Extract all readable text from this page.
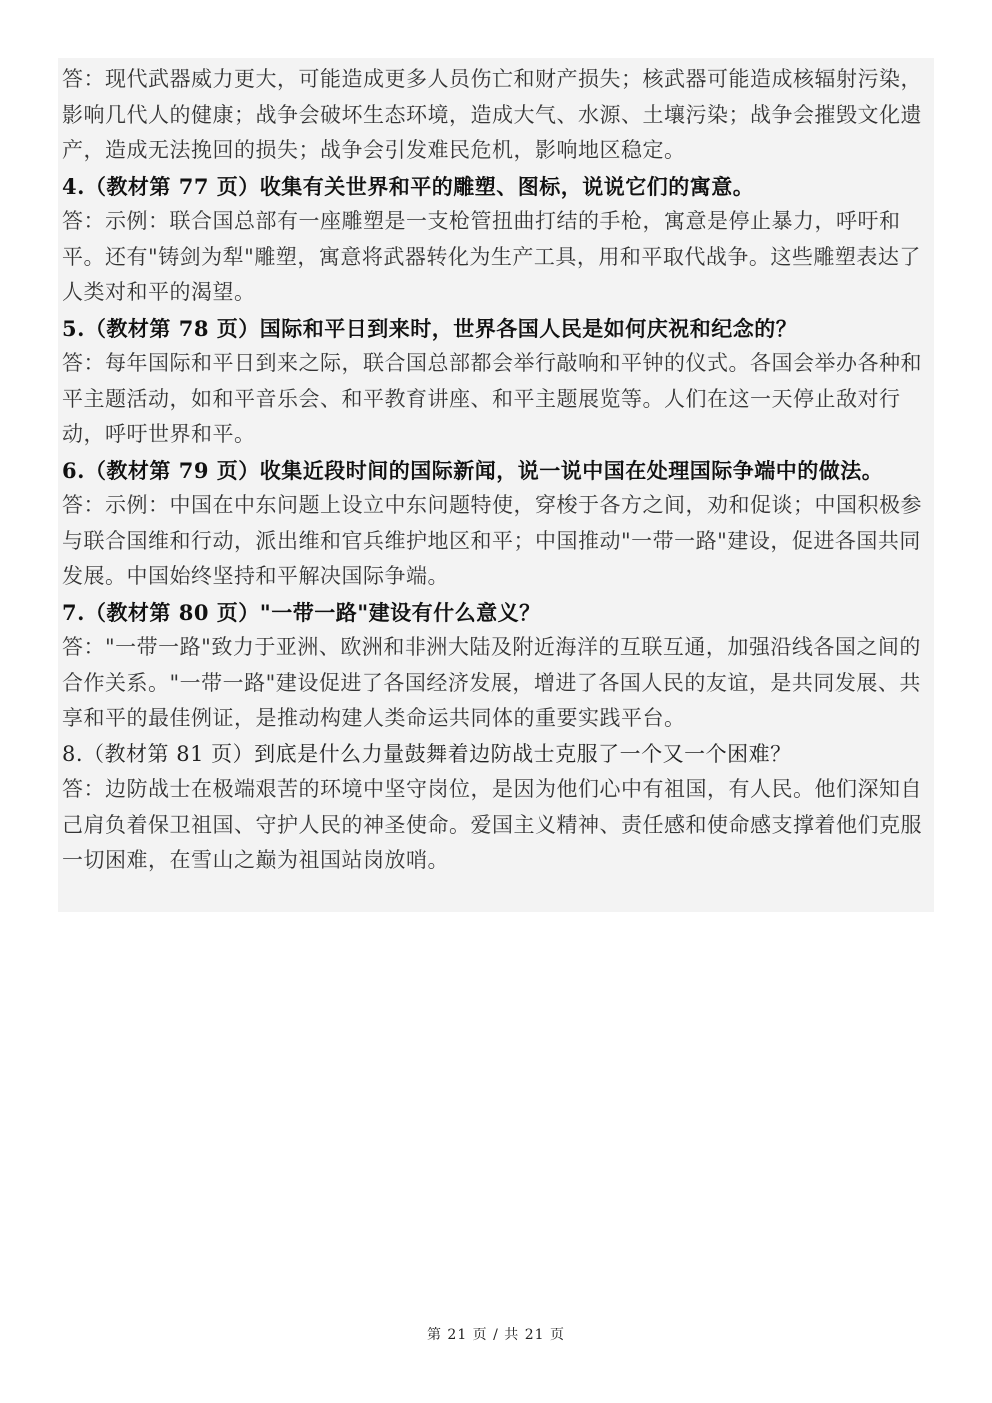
答：现代武器威力更大，可能造成更多人员伤亡和财产损失；核武器可能造成核辐射污染，影响几代人的健康；战争会破坏生态环境，造成大气、水源、土壤污染；战争会摧毁文化遗产，造成无法挽回的损失；战争会引发难民危机，影响地区稳定。

4.（教材第 77 页）收集有关世界和平的雕塑、图标，说说它们的寓意。

答：示例：联合国总部有一座雕塑是一支枪管扭曲打结的手枪，寓意是停止暴力，呼吁和平。还有"铸剑为犁"雕塑，寓意将武器转化为生产工具，用和平取代战争。这些雕塑表达了人类对和平的渴望。

5.（教材第 78 页）国际和平日到来时，世界各国人民是如何庆祝和纪念的？

答：每年国际和平日到来之际，联合国总部都会举行敲响和平钟的仪式。各国会举办各种和平主题活动，如和平音乐会、和平教育讲座、和平主题展览等。人们在这一天停止敌对行动，呼吁世界和平。

6.（教材第 79 页）收集近段时间的国际新闻，说一说中国在处理国际争端中的做法。

答：示例：中国在中东问题上设立中东问题特使，穿梭于各方之间，劝和促谈；中国积极参与联合国维和行动，派出维和官兵维护地区和平；中国推动"一带一路"建设，促进各国共同发展。中国始终坚持和平解决国际争端。

7.（教材第 80 页）"一带一路"建设有什么意义？

答："一带一路"致力于亚洲、欧洲和非洲大陆及附近海洋的互联互通，加强沿线各国之间的合作关系。"一带一路"建设促进了各国经济发展，增进了各国人民的友谊，是共同发展、共享和平的最佳例证，是推动构建人类命运共同体的重要实践平台。

8.（教材第 81 页）到底是什么力量鼓舞着边防战士克服了一个又一个困难？

答：边防战士在极端艰苦的环境中坚守岗位，是因为他们心中有祖国，有人民。他们深知自己肩负着保卫祖国、守护人民的神圣使命。爱国主义精神、责任感和使命感支撑着他们克服一切困难，在雪山之巅为祖国站岗放哨。

第 21 页 / 共 21 页
